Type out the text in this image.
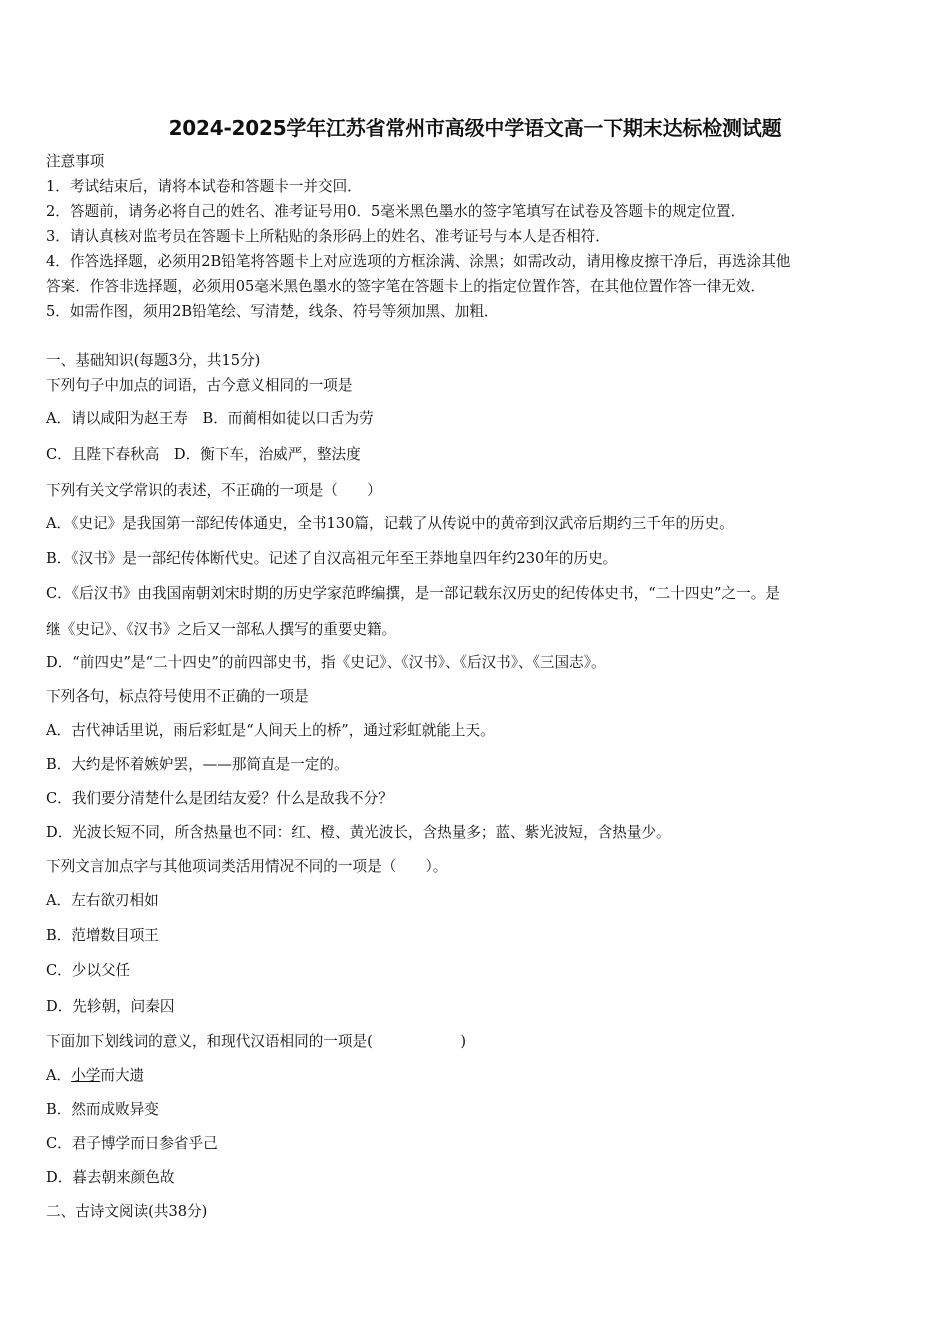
2024-2025学年江苏省常州市高级中学语文高一下期末达标检测试题
注意事项
1．考试结束后，请将本试卷和答题卡一并交回．
2．答题前，请务必将自己的姓名、准考证号用0．5毫米黑色墨水的签字笔填写在试卷及答题卡的规定位置．
3．请认真核对监考员在答题卡上所粘贴的条形码上的姓名、准考证号与本人是否相符．
4．作答选择题，必须用2B铅笔将答题卡上对应选项的方框涂满、涂黑；如需改动，请用橡皮擦干净后，再选涂其他
答案．作答非选择题，必须用05毫米黑色墨水的签字笔在答题卡上的指定位置作答，在其他位置作答一律无效．
5．如需作图，须用2B铅笔绘、写清楚，线条、符号等须加黑、加粗．
一、基础知识(每题3分，共15分)
下列句子中加点的词语，古今意义相同的一项是
A．请以咸阳为赵王寿　B．而蔺相如徒以口舌为劳
C．且陛下春秋高　D．衡下车，治威严，整法度
下列有关文学常识的表述，不正确的一项是（　　）
A．《史记》是我国第一部纪传体通史，全书130篇，记载了从传说中的黄帝到汉武帝后期约三千年的历史。
B．《汉书》是一部纪传体断代史。记述了自汉高祖元年至王莽地皇四年约230年的历史。
C．《后汉书》由我国南朝刘宋时期的历史学家范晔编撰，是一部记载东汉历史的纪传体史书，“二十四史”之一。是
继《史记》、《汉书》之后又一部私人撰写的重要史籍。
D．“前四史”是“二十四史”的前四部史书，指《史记》、《汉书》、《后汉书》、《三国志》。
下列各句，标点符号使用不正确的一项是
A．古代神话里说，雨后彩虹是“人间天上的桥”，通过彩虹就能上天。
B．大约是怀着嫉妒罢，——那简直是一定的。
C．我们要分清楚什么是团结友爱？什么是敌我不分？
D．光波长短不同，所含热量也不同：红、橙、黄光波长，含热量多；蓝、紫光波短，含热量少。
下列文言加点字与其他项词类活用情况不同的一项是（　　）。
A．左右欲刃相如
B．范增数目项王
C．少以父任
D．先轸朝，问秦囚
下面加下划线词的意义，和现代汉语相同的一项是(　　　　　　)
A．小学而大遗
B．然而成败异变
C．君子博学而日参省乎己
D．暮去朝来颜色故
二、古诗文阅读(共38分)
